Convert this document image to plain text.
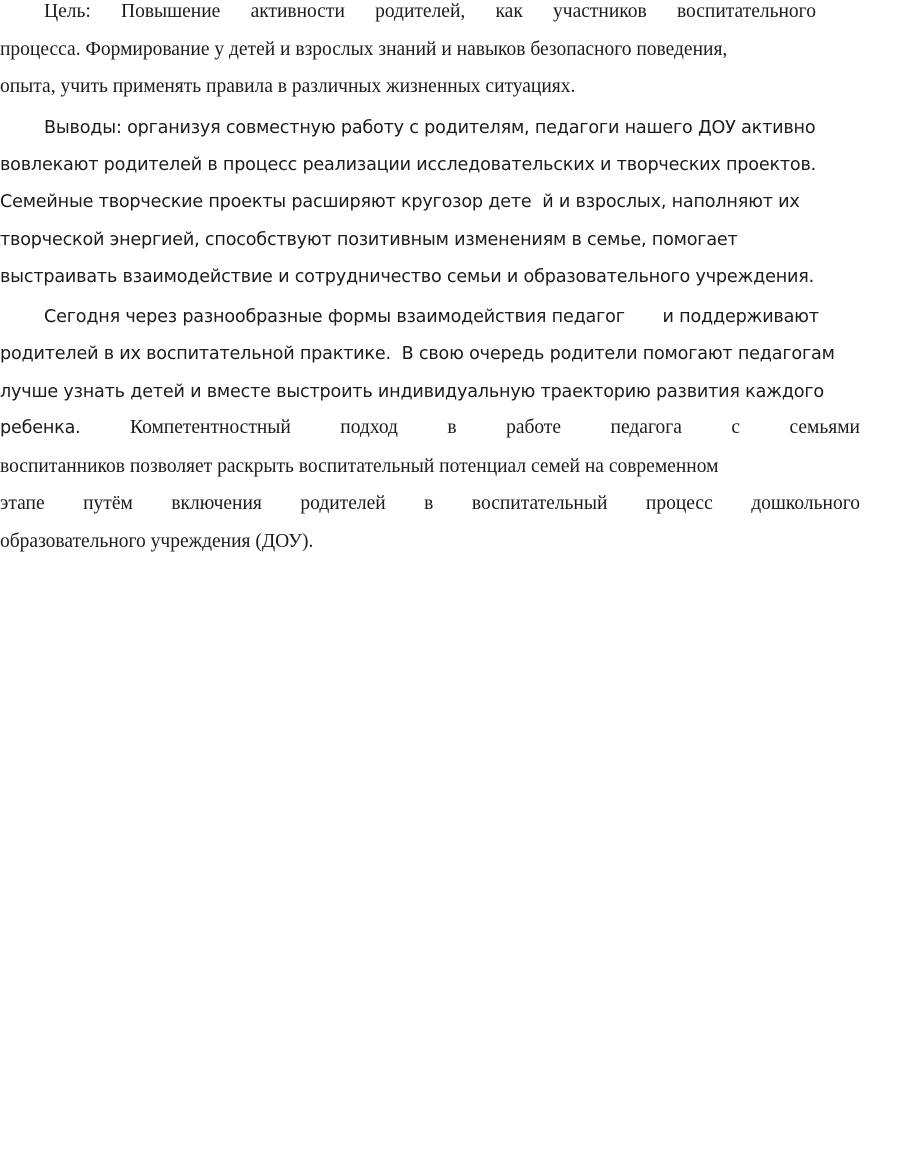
Цель: Повышение активности родителей, как участников воспитательного
процесса. Формирование у детей и взрослых знаний и навыков безопасного поведения,
опыта, учить применять правила в различных жизненных ситуациях.
Выводы: организуя совместную работу с родителям, педагоги нашего ДОУ активно
вовлекают родителей в процесс реализации исследовательских и творческих проектов.
Семейные творческие проекты расширяют кругозор дете  й и взрослых, наполняют их
творческой энергией, способствуют позитивным изменениям в семье, помогает
выстраивать взаимодействие и сотрудничество семьи и образовательного учреждения.
Сегодня через разнообразные формы взаимодействия педагог       и поддерживают
родителей в их воспитательной практике.  В свою очередь родители помогают педагогам
лучше узнать детей и вместе выстроить индивидуальную траекторию развития каждого
ребенка.	Компетентностный	подход	в	работе	педагога	с	семьями
воспитанников позволяет раскрыть воспитательный потенциал семей на современном
этапе путём включения родителей в воспитательный процесс дошкольного
образовательного учреждения (ДОУ).
